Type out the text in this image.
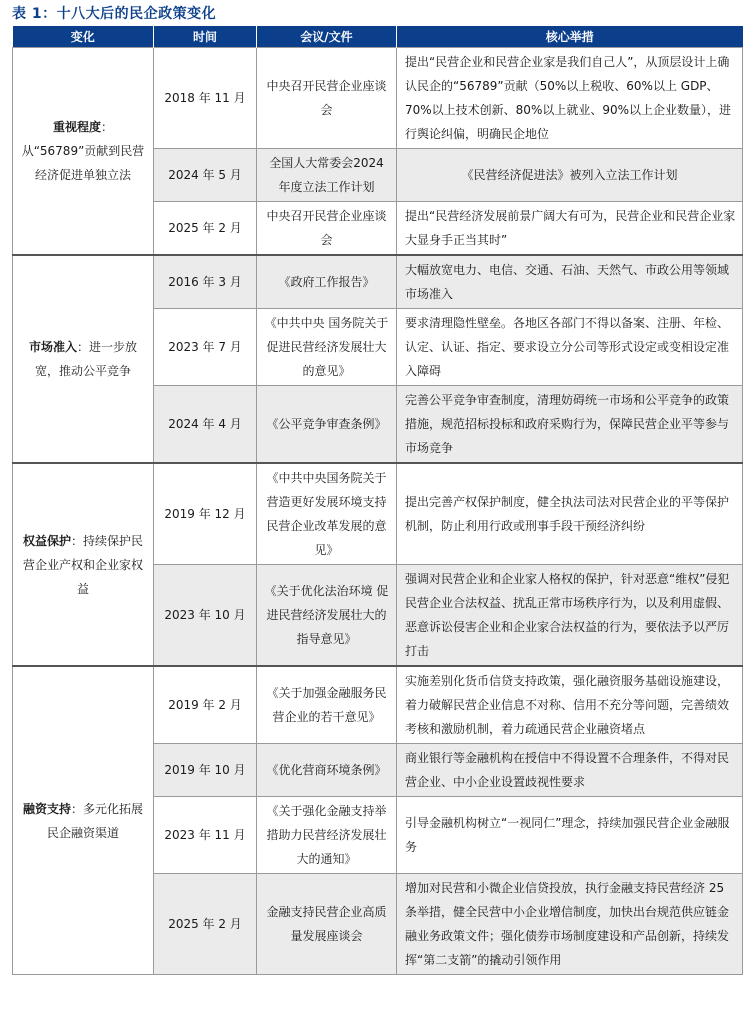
表 1：十八大后的民企政策变化
变化	时间	会议/文件	核心举措
重视程度：从“56789”贡献到民营经济促进单独立法	2018 年 11 月	中央召开民营企业座谈会	提出“民营企业和民营企业家是我们自己人”，从顶层设计上确认民企的“56789”贡献（50%以上税收、60%以上 GDP、70%以上技术创新、80%以上就业、90%以上企业数量），进行舆论纠偏，明确民企地位
	2024 年 5 月	全国人大常委会2024 年度立法工作计划	《民营经济促进法》被列入立法工作计划
	2025 年 2 月	中央召开民营企业座谈会	提出“民营经济发展前景广阔大有可为，民营企业和民营企业家大显身手正当其时”
市场准入：进一步放宽，推动公平竞争	2016 年 3 月	《政府工作报告》	大幅放宽电力、电信、交通、石油、天然气、市政公用等领域市场准入
	2023 年 7 月	《中共中央 国务院关于促进民营经济发展壮大的意见》	要求清理隐性壁垒。各地区各部门不得以备案、注册、年检、认定、认证、指定、要求设立分公司等形式设定或变相设定准入障碍
	2024 年 4 月	《公平竞争审查条例》	完善公平竞争审查制度，清理妨碍统一市场和公平竞争的政策措施，规范招标投标和政府采购行为，保障民营企业平等参与市场竞争
权益保护：持续保护民营企业产权和企业家权益	2019 年 12 月	《中共中央国务院关于营造更好发展环境支持民营企业改革发展的意见》	提出完善产权保护制度，健全执法司法对民营企业的平等保护机制，防止利用行政或刑事手段干预经济纠纷
	2023 年 10 月	《关于优化法治环境 促进民营经济发展壮大的指导意见》	强调对民营企业和企业家人格权的保护，针对恶意“维权”侵犯民营企业合法权益、扰乱正常市场秩序行为，以及利用虚假、恶意诉讼侵害企业和企业家合法权益的行为，要依法予以严厉打击
融资支持：多元化拓展民企融资渠道	2019 年 2 月	《关于加强金融服务民营企业的若干意见》	实施差别化货币信贷支持政策，强化融资服务基础设施建设，着力破解民营企业信息不对称、信用不充分等问题，完善绩效考核和激励机制，着力疏通民营企业融资堵点
	2019 年 10 月	《优化营商环境条例》	商业银行等金融机构在授信中不得设置不合理条件，不得对民营企业、中小企业设置歧视性要求
	2023 年 11 月	《关于强化金融支持举措助力民营经济发展壮大的通知》	引导金融机构树立“一视同仁”理念，持续加强民营企业金融服务
	2025 年 2 月	金融支持民营企业高质量发展座谈会	增加对民营和小微企业信贷投放，执行金融支持民营经济 25 条举措，健全民营中小企业增信制度，加快出台规范供应链金融业务政策文件；强化债券市场制度建设和产品创新，持续发挥“第二支箭”的撬动引领作用
